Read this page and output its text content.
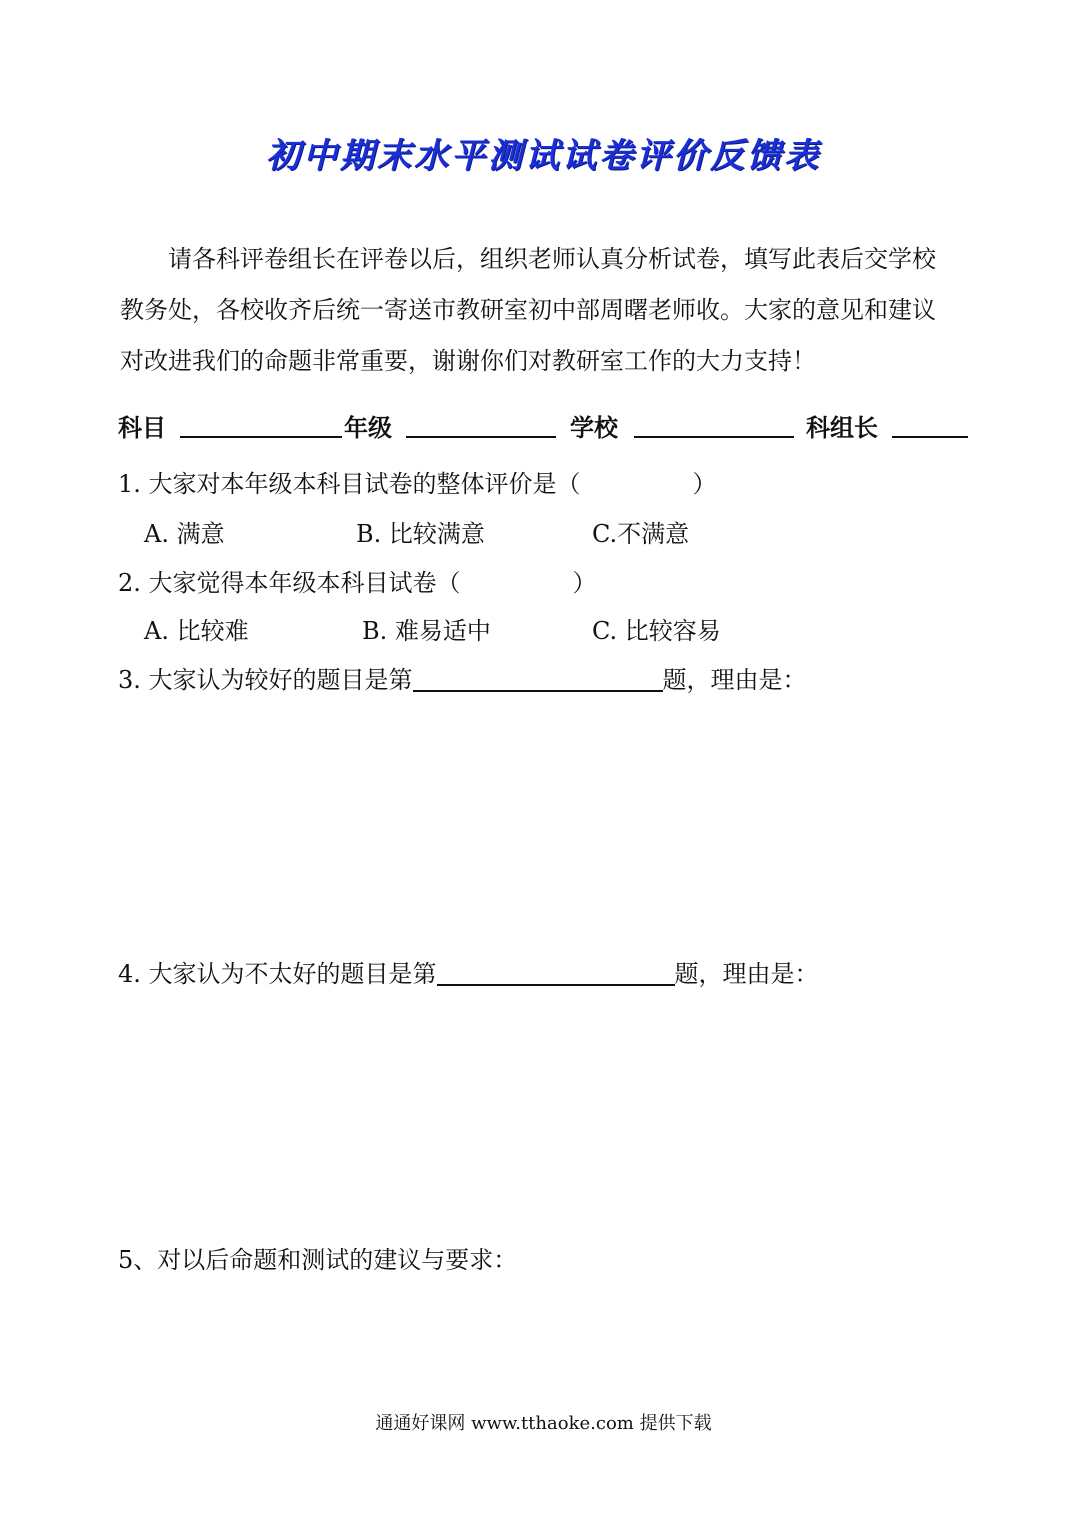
初中期末水平测试试卷评价反馈表
请各科评卷组长在评卷以后，组织老师认真分析试卷，填写此表后交学校
教务处，各校收齐后统一寄送市教研室初中部周曙老师收。大家的意见和建议
对改进我们的命题非常重要，谢谢你们对教研室工作的大力支持！
科目	年级	学校	科组长
1. 大家对本年级本科目试卷的整体评价是（	）
A. 满意	B. 比较满意	C.不满意
2. 大家觉得本年级本科目试卷（	）
A. 比较难	B. 难易适中	C. 比较容易
3. 大家认为较好的题目是第	题，理由是：
4. 大家认为不太好的题目是第	题，理由是：
5、对以后命题和测试的建议与要求：
通通好课网 www.tthaoke.com 提供下载
